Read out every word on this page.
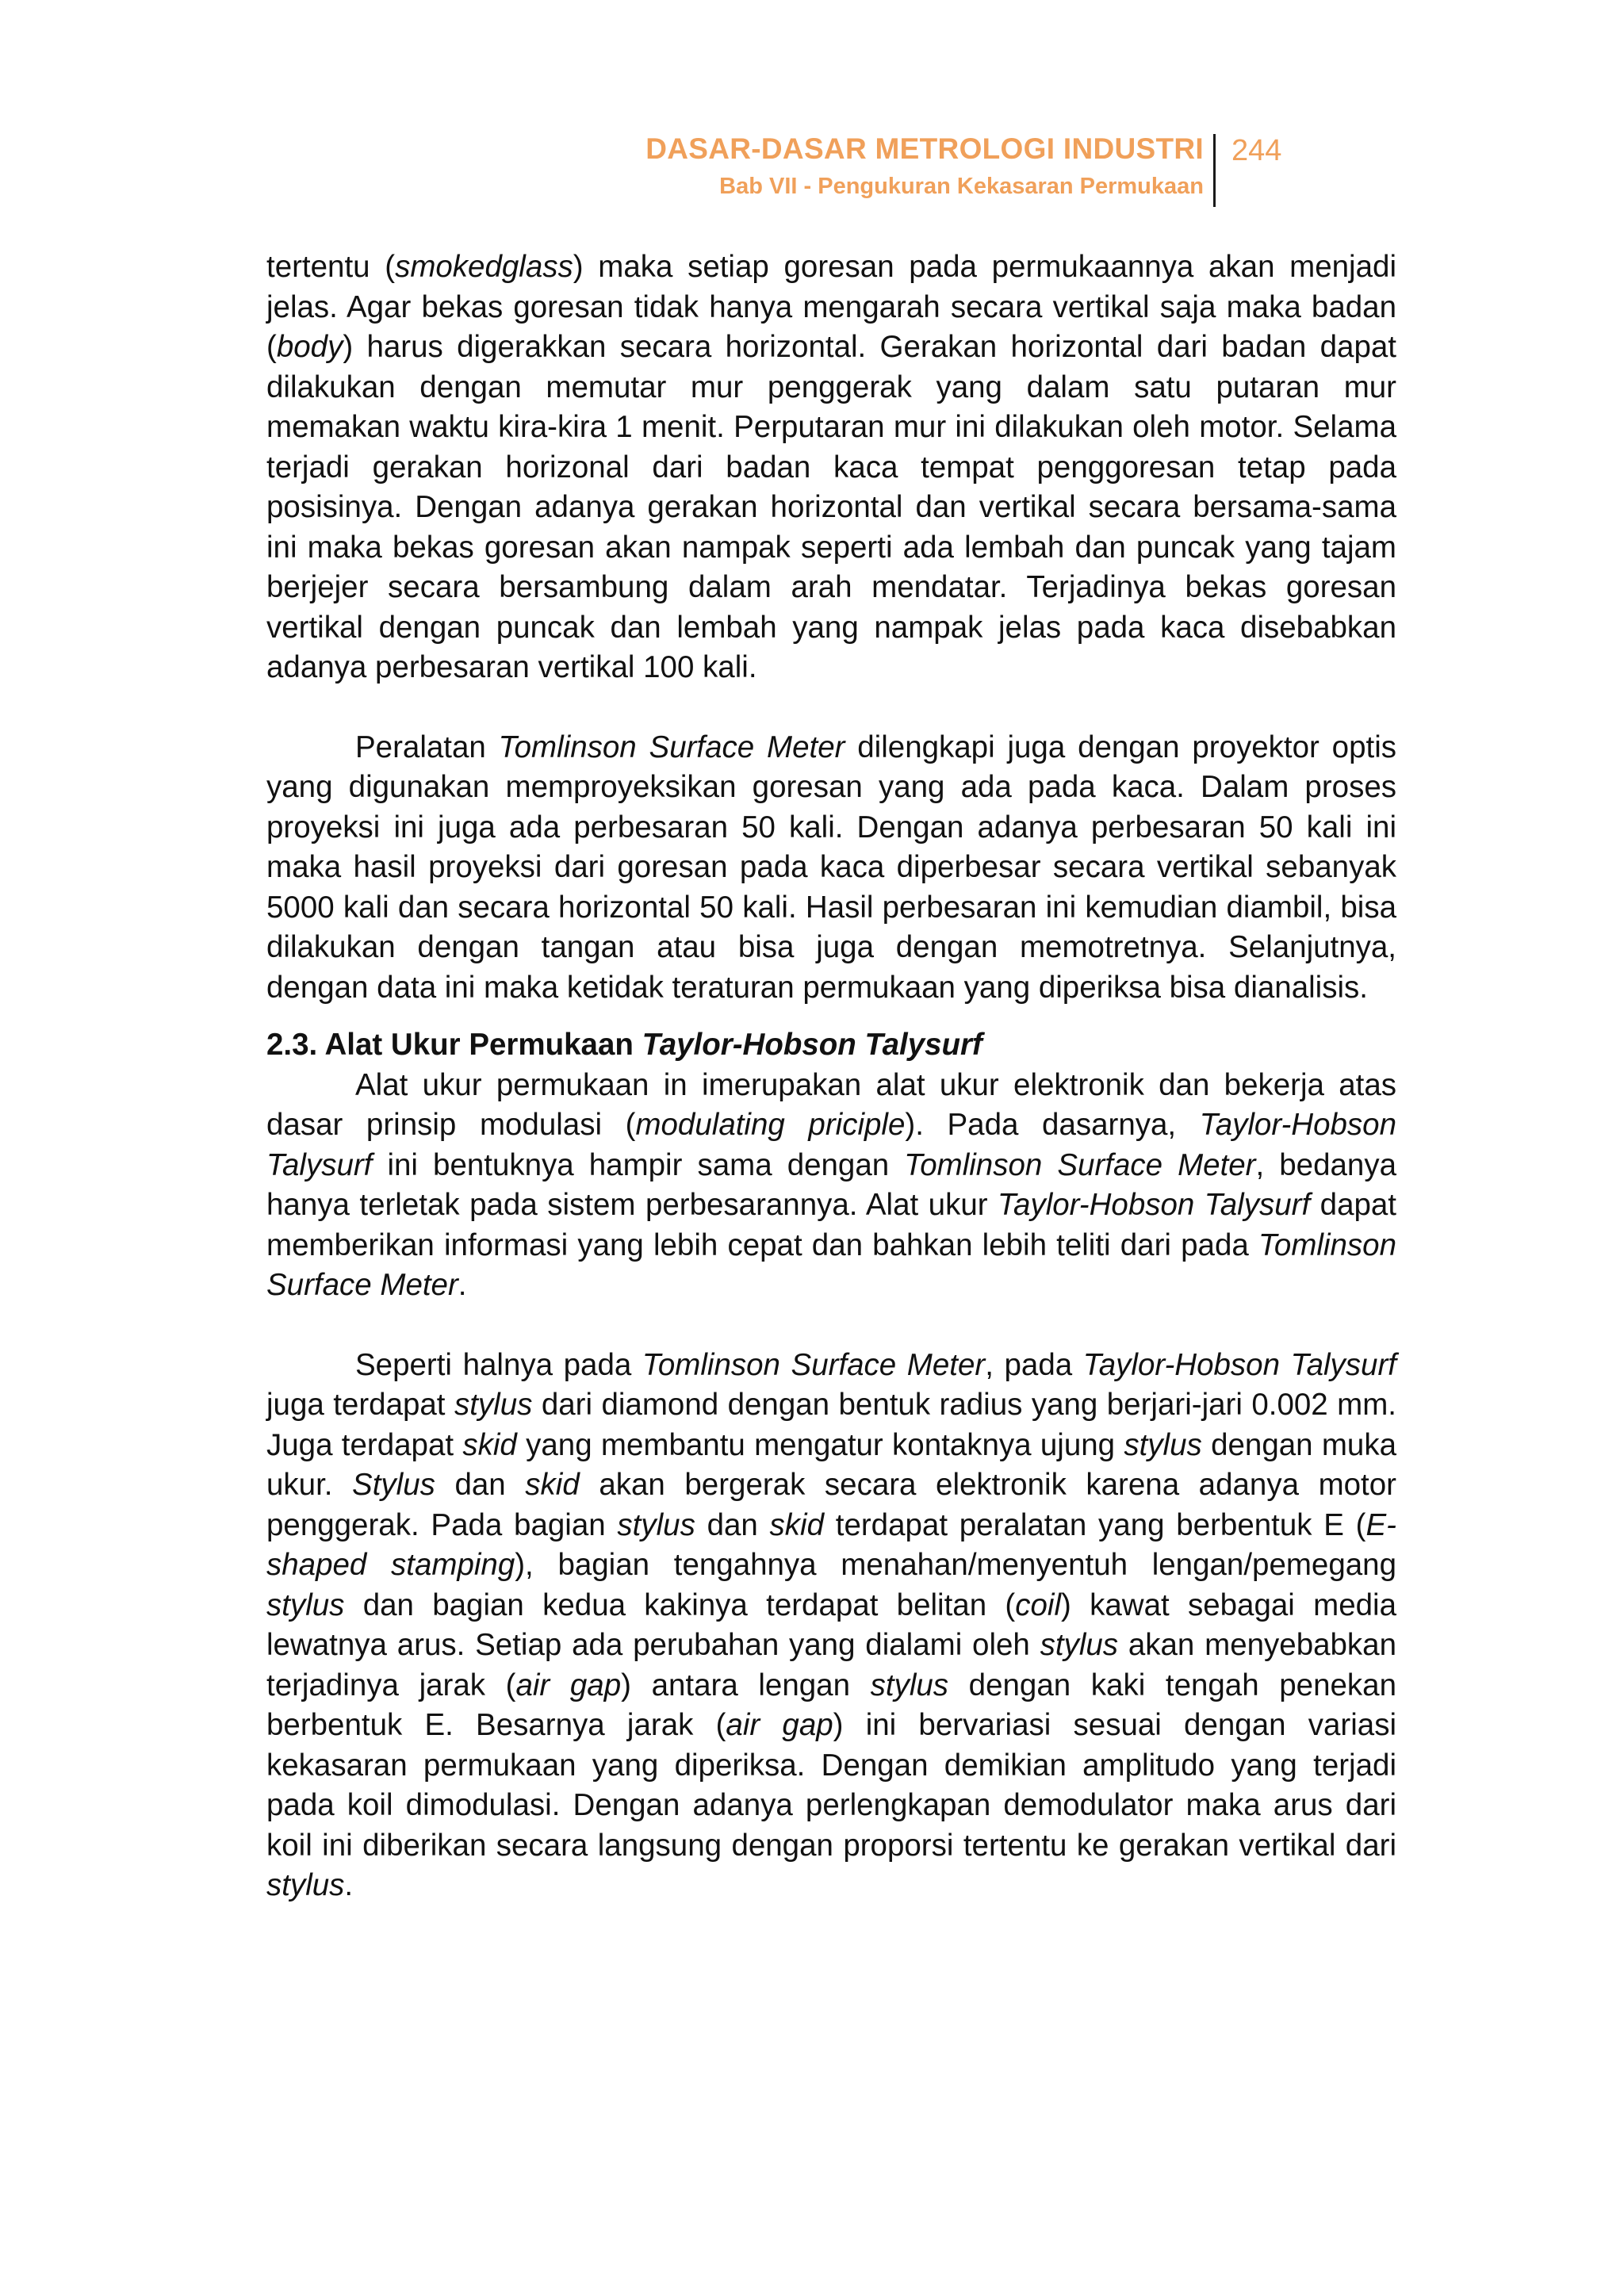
DASAR-DASAR METROLOGI INDUSTRI
Bab VII - Pengukuran Kekasaran Permukaan
244

tertentu (smokedglass) maka setiap goresan pada permukaannya akan menjadi jelas. Agar bekas goresan tidak hanya mengarah secara vertikal saja maka badan (body) harus digerakkan secara horizontal. Gerakan horizontal dari badan dapat dilakukan dengan memutar mur penggerak yang dalam satu putaran mur memakan waktu kira-kira 1 menit. Perputaran mur ini dilakukan oleh motor. Selama terjadi gerakan horizonal dari badan kaca tempat penggoresan tetap pada posisinya. Dengan adanya gerakan horizontal dan vertikal secara bersama-sama ini maka bekas goresan akan nampak seperti ada lembah dan puncak yang tajam berjejer secara bersambung dalam arah mendatar. Terjadinya bekas goresan vertikal dengan puncak dan lembah yang nampak jelas pada kaca disebabkan adanya perbesaran vertikal 100 kali.

Peralatan Tomlinson Surface Meter dilengkapi juga dengan proyektor optis yang digunakan memproyeksikan goresan yang ada pada kaca. Dalam proses proyeksi ini juga ada perbesaran 50 kali. Dengan adanya perbesaran 50 kali ini maka hasil proyeksi dari goresan pada kaca diperbesar secara vertikal sebanyak 5000 kali dan secara horizontal 50 kali. Hasil perbesaran ini kemudian diambil, bisa dilakukan dengan tangan atau bisa juga dengan memotretnya. Selanjutnya, dengan data ini maka ketidak teraturan permukaan yang diperiksa bisa dianalisis.

2.3. Alat Ukur Permukaan Taylor-Hobson Talysurf

Alat ukur permukaan in imerupakan alat ukur elektronik dan bekerja atas dasar prinsip modulasi (modulating priciple). Pada dasarnya, Taylor-Hobson Talysurf ini bentuknya hampir sama dengan Tomlinson Surface Meter, bedanya hanya terletak pada sistem perbesarannya. Alat ukur Taylor-Hobson Talysurf dapat memberikan informasi yang lebih cepat dan bahkan lebih teliti dari pada Tomlinson Surface Meter.

Seperti halnya pada Tomlinson Surface Meter, pada Taylor-Hobson Talysurf juga terdapat stylus dari diamond dengan bentuk radius yang berjari-jari 0.002 mm. Juga terdapat skid yang membantu mengatur kontaknya ujung stylus dengan muka ukur. Stylus dan skid akan bergerak secara elektronik karena adanya motor penggerak. Pada bagian stylus dan skid terdapat peralatan yang berbentuk E (E-shaped stamping), bagian tengahnya menahan/menyentuh lengan/pemegang stylus dan bagian kedua kakinya terdapat belitan (coil) kawat sebagai media lewatnya arus. Setiap ada perubahan yang dialami oleh stylus akan menyebabkan terjadinya jarak (air gap) antara lengan stylus dengan kaki tengah penekan berbentuk E. Besarnya jarak (air gap) ini bervariasi sesuai dengan variasi kekasaran permukaan yang diperiksa. Dengan demikian amplitudo yang terjadi pada koil dimodulasi. Dengan adanya perlengkapan demodulator maka arus dari koil ini diberikan secara langsung dengan proporsi tertentu ke gerakan vertikal dari stylus.
